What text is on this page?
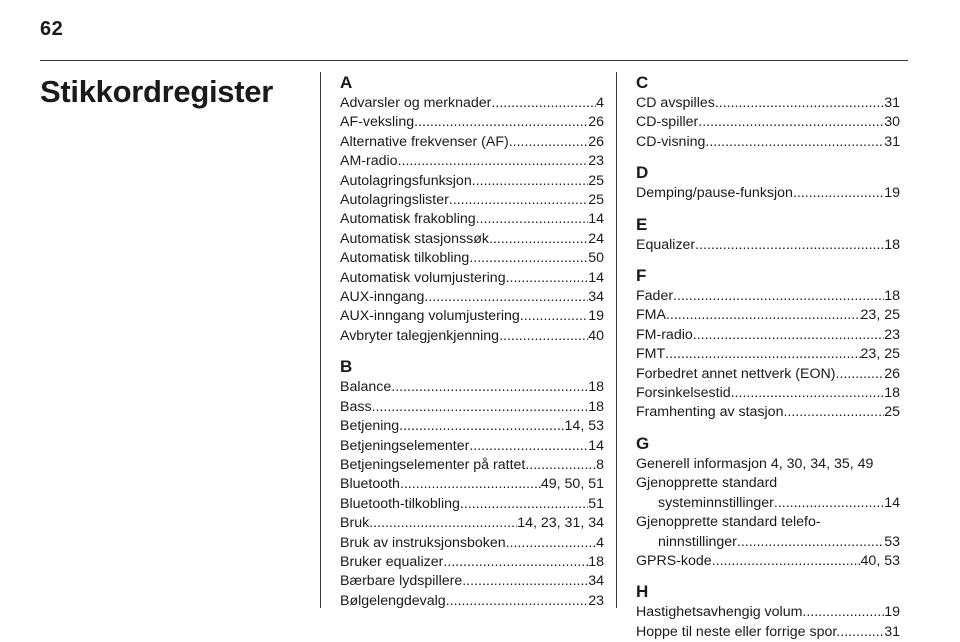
62
Stikkordregister	A
Advarsler og merknader .....	4
AF-veksling .....	26
Alternative frekvenser (AF) .....	26
AM-radio .....	23
Autolagringsfunksjon .....	25
Autolagringslister .....	25
Automatisk frakobling .....	14
Automatisk stasjonssøk .....	24
Automatisk tilkobling .....	50
Automatisk volumjustering .....	14
AUX-inngang .....	34
AUX-inngang volumjustering .....	19
Avbryter talegjenkjenning .....	40
B
Balance .....	18
Bass .....	18
Betjening .....	14, 53
Betjeningselementer .....	14
Betjeningselementer på rattet .....	8
Bluetooth .....	49, 50, 51
Bluetooth-tilkobling .....	51
Bruk .....	14, 23, 31, 34
Bruk av instruksjonsboken .....	4
Bruker equalizer .....	18
Bærbare lydspillere .....	34
Bølgelengdevalg .....	23
C
CD avspilles .....	31
CD-spiller .....	30
CD-visning .....	31
D
Demping/pause-funksjon .....	19
E
Equalizer .....	18
F
Fader .....	18
FMA .....	23, 25
FM-radio .....	23
FMT .....	23, 25
Forbedret annet nettverk (EON) .....	26
Forsinkelsestid .....	18
Framhenting av stasjon .....	25
G
Generell informasjon 4, 30, 34, 35, 49
Gjenopprette standard
systeminnstillinger .....	14
Gjenopprette standard telefo-
ninnstillinger .....	53
GPRS-kode .....	40, 53
H
Hastighetsavhengig volum .....	19
Hoppe til neste eller forrige spor. .....	31
